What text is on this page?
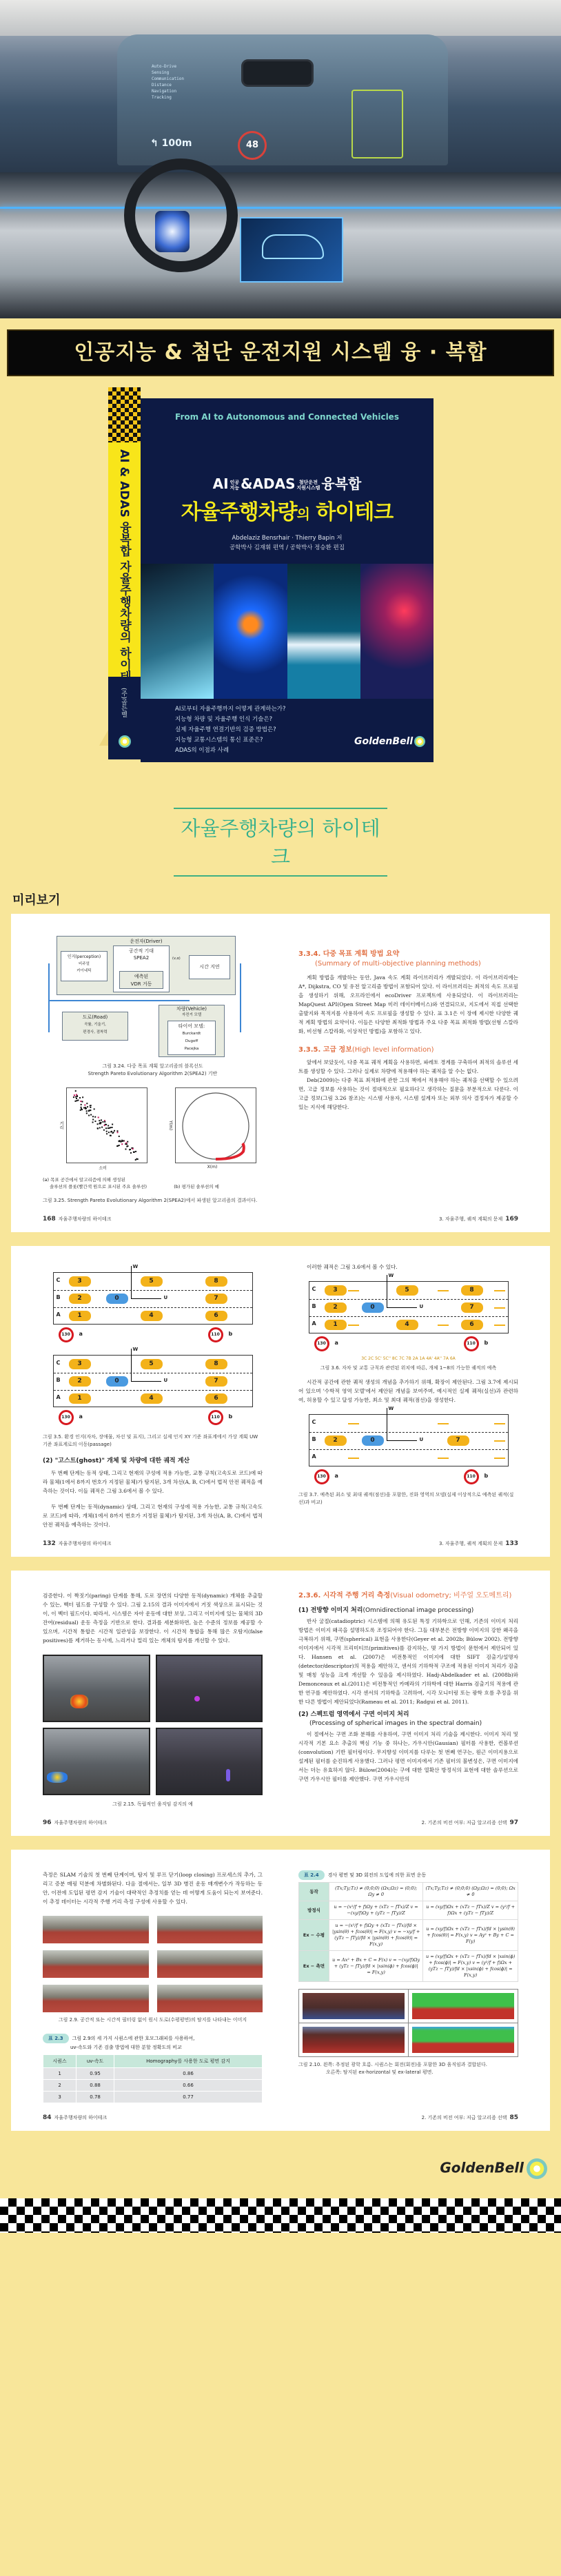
Auto-Drive
Sensing
Communication
Distance
Navigation
Tracking
↰ 100m	48
인공지능 & 첨단 운전지원 시스템 융 · 복합
AI & ADAS 융복합 자율주행차량의 하이테크
(주)골든벨
From AI to Autonomous and Connected Vehicles
AI 인공
지능 &ADAS 첨단운전
지원시스템 융복합
자율주행차량의 하이테크
Abdelaziz Bensrhair · Thierry Bapin 저
공학박사 김재휘 편역 / 공학박사 정승환 편집
AI로부터 자율주행까지 어떻게 관계하는가?
지능형 차량 및 자율주행 인식 기술은?
실제 자율주행 연결기반의 검증 방법은?
지능형 교통시스템의 통신 표준은?
ADAS의 이점과 사례
GoldenBell
자율주행차량의 하이테크
미리보기
운전자(Driver)
인지(perception)
비주얼
카이네틱
공간적 기대
SPEA2
예측된
VDR 거동
(v,α)
시간 지연
도로(Road)
곡률, 기울기,
편경사, 점착력
차량(Vehicle)
자전거 모델
타이어 모델:
Burckardt
Dugoff
Pacejka
그림 3.24. 다중 목표 계획 알고리즘의 블록선도
Strength Pareto Evolutionary Algorithm 2(SPEA2) 기반
거리
소비
Y(m)
X(m)
(a) 목표 공간에서 알고리즘에 의해 생성된
솔루션의 플롯(빨간색 원으로 표시된 주요 솔루션)	(b) 평가된 솔루션의 예
그림 3.25. Strength Pareto Evolutionary Algorithm 2(SPEA2)에서 파생된 알고리즘의 결과이다.
168 자율주행차량의 하이테크
3.3.4. 다중 목표 계획 방법 요약
(Summary of multi-objective planning methods)

계획 방법을 개발하는 동안, Java 속도 계획 라이브러리가 개발되었다. 이 라이브러리에는 A*, Dijkstra, CO 및 유전 알고리즘 방법이 포함되어 있다. 이 라이브러리는 최적의 속도 프로필을 생성하기 위해, 오프라인에서 ecoDriver 프로젝트에 사용되었다. 이 라이브러리는 MapQuest API(Open Street Map 미러 데이터베이스)와 연결되므로, 지도에서 직접 선택한 출발지와 목적지를 사용하여 속도 프로필을 생성할 수 있다. 표 3.1은 이 장에 제시한 다양한 궤적 계획 방법의 요약이다. 이들은 다양한 최적화 방법과 주요 다중 목표 최적화 방법(선형 스칼라화, 비선형 스칼라화, 이상적인 방법)을 포함하고 있다.

3.3.5. 고급 정보(High level information)

앞에서 보았듯이, 다중 목표 궤적 계획을 사용하면, 파레토 경계를 구축하여 최적의 솔루션 세트를 생성할 수 있다. 그러나 실제로 차량에 적용해야 하는 궤적을 알 수는 없다.

Deb(2009)는 다중 목표 최적화에 관한 그의 책에서 적용해야 하는 궤적을 선택할 수 있으려면, 고급 정보를 사용하는 것이 절대적으로 필요하다고 생각하는 질문을 부분적으로 다룬다. 이 고급 정보(그림 3.26 참조)는 시스템 사용자, 시스템 설계자 또는 외부 의사 결정자가 제공할 수 있는 지식에 해당한다.

3. 자율주행, 궤적 계획의 문제 169
C
B
A
3	5	8
2	0	7
1	4	6
W
U
130	a	110	b
C
B
A
3	5	8
2	0	7
1	4	6
W
U
130	a	110	b
그림 3.5. 환경 인지(자차, 장애물, 차선 및 표지), 그리고 실제 인지 XY 기준 좌표계에서 가상 계획 UW 기준 좌표계로의 이동(passage)
(2) "고스트(ghost)" 개체 및 차량에 대한 궤적 계산

두 번째 단계는 동적 상태, 그리고 현재의 구성에 적용 가능한, 교통 규칙(고속도로 코드)에 따라 물체(1에서 8까지 번호가 지정된 물체)가 탐지된, 3개 차선(A, B, C)에서 법적 안전 궤적을 예측하는 것이다. 이들 궤적은 그림 3.6에서 볼 수 있다.

두 번째 단계는 동적(dynamic) 상태, 그리고 현재의 구성에 적용 가능한, 교통 규칙(고속도로 코드)에 따라, 개체(1에서 8까지 번호가 지정된 물체)가 탐지된, 3개 차선(A, B, C)에서 법적 안전 궤적을 예측하는 것이다.

132 자율주행차량의 하이테크

이러한 궤적은 그림 3.6에서 볼 수 있다.

C
B
A
3	5	8
2	0	7
1	4	6
W
U
130	a	110	b
3C 2C 5C' 5C'' 8C 7C 7B 2A 1A 4A' 4A'' 7A 6A
그림 3.6. 자차 및 교통 규칙과 관련된 위치에 따른, 개체 1~8의 가능한 궤적의 예측

시간적 공간에 관한 궤적 생성의 개념을 추가하기 위해, 확장이 제안된다. 그림 3.7에 제시되어 있으며 '수학적 영역 모델'에서 제안된 개념을 보여주며, 예시적인 실제 궤적(실선)과 관련하여, 허용할 수 있고 달성 가능한, 최소 및 최대 궤적(점선)을 생성한다.

C
B
A
2	0	7
W
U
130	a	110	b
그림 3.7. 예측된 최소 및 최대 궤적(점선)을 포함한, 진화 영역의 모델(실제 이상적으로 예측된 궤적(실선)과 비교)
3. 자율주행, 궤적 계획의 문제 133

검증한다. 이 짝짓기(paring) 단계를 통해, 도로 장면의 다양한 동적(dynamic) 개체를 추출할 수 있는, 벡터 필드를 구성할 수 있다. 그림 2.15의 결과 이미지에서 거짓 색상으로 표시되는 것이, 이 벡터 필드이다. 따라서, 시스템은 자아 운동에 대한 보상, 그리고 이미지에 있는 물체의 3D 잔여(residual) 운동 측정을 기반으로 한다. 결과를 세분화하면, 높은 수준의 정보를 제공할 수 있으며, 시간적 통합은 시간적 일관성을 보장한다. 이 시간적 통합을 통해 많은 오탐지(false positives)를 제거하는 동시에, 느리거나 멀리 있는 개체의 탐지를 개선할 수 있다.

그림 2.15. 독립적인 움직임 감지의 예
96 자율주행차량의 하이테크
2.3.6. 시각적 주행 거리 측정(Visual odometry; 비주얼 오도메트리)
(1) 전방향 이미지 처리(Omnidirectional image processing)

반사 굴절(catadioptric) 시스템에 의해 유도된 특정 기하학으로 인해, 기존의 이미지 처리 방법은 이미지 왜곡을 설명하도록 조정되어야 한다. 그들 대부분은 전방향 이미지의 강한 왜곡을 극복하기 위해, 구면(spherical) 표현을 사용한다(Geyer et al. 2002b; Bülow 2002). 전방향 이미지에서 시각적 프리미티브(primitives)를 감지하는, 몇 가지 방법이 문헌에서 제안되어 있다. Hansen et al. (2007)은 비전통적인 이미지에 대한 SIFT 검출기/설명자(detector/descriptor)의 적용을 제안하고, 센서의 기하학적 구조에 적용된 이미지 처리가 검출 및 매칭 성능을 크게 개선할 수 있음을 제시하였다. Hadj-Abdelkader et al. (2008b)와 Demonceaux et al.(2011)은 비전통적인 카메라의 기하학에 대한 Harris 검출기의 적용에 관한 연구를 제안하였다. 시각 센서의 기하학을 고려하여, 시각 모니터링 또는 광학 흐름 추정을 위한 다른 방법이 제안되었다(Rameau et al. 2011; Radgui et al. 2011).

(2) 스펙트럼 영역에서 구면 이미지 처리
(Processing of spherical images in the spectral domain)

이 절에서는 구면 조화 분해를 사용하여, 구면 이미지 처리 기술을 제시한다. 이미지 처리 및 시각적 기본 요소 추출의 핵심 기능 중 하나는, 가우시안(Gausian) 필터를 사용한, 컨볼루션(convolution) 기반 필터링이다. 무지향성 이미지를 다루는 첫 번째 연구는, 원근 이미지용으로 설계된 필터를 순진하게 사용했다. 그러나 평면 이미지에서 기존 필터의 불변성은, 구면 이미지에서는 더는 유효하지 않다. Bülow(2004)는 구에 대한 열확산 방정식의 표현에 대한 솔루션으로 구면 가우시안 필터를 제안했다. 구면 가우시안의

2. 기존의 비전 여부: 저급 알고리즘 선택 97

측정은 SLAM 기술의 첫 번째 단계이며, 탐지 및 루프 닫기(loop closing) 프로세스의 추가, 그리고 증분 매핑 덕분에 차별화된다. 다음 절에서는, 일부 3D 병진 운동 매개변수가 작동하는 동안, 이전에 도입된 평면 감지 기술이 대략적인 추정치를 얻는 데 어떻게 도움이 되는지 보여준다. 이 추정 데이터는 시각적 주행 거리 측정 구성에 사용할 수 있다.

그림 2.9. 공간적 또는 시간적 필터링 없이 원시 도로(수평평면)의 탐지를 나타내는 이미지
표 2.3 그림 2.9의 세 가지 시퀀스에 관한 호모그래피를 사용하여,
uv-속도와 기존 검출 방법에 대한 분할 정확도의 비교
시퀀스	uv-속도	Homography를 사용한 도로 평면 감지
1	0.95	0.86
2	0.88	0.66
3	0.78	0.77
84 자율주행차량의 하이테크
표 2.4 경사 평면 및 3D 회전의 도입에 의한 표면 운동
동작	(Tx;Ty;Tz) ≠ (0;0;0) (Ωx;Ωz) = (0;0); Ωy ≠ 0	(Tx;Ty;Tz) ≠ (0;0;0) (Ωy;Ωz) = (0;0); Ωx ≠ 0
방정식	u = −(x²/f + f)Ωy + (xTz − fTx)/Z v = −(xy/f)Ωy + (yTz − fTy)/Z	u = (xy/f)Ωx + (xTz − fTx)/Z v = (y²/f + f)Ωx + (yTz − fTy)/Z
Ex − 수평	u = −(x²/f + f)Ωy + (xTz − fTx)/fd × |ysin(θ) + fcos(θ)| = F(x,y) v = −xy/f + (yTz − fTy)/fd × |ysin(θ) + fcos(θ)| = F(x,y)	u = (xy/f)Ωx + (xTz − fTx)/fd × |ysin(θ) + fcos(θ)| = F(x,y) v = Ay² + By + C = F(y)
Ex − 측면	u = Ax² + Bx + C = F(x) v = −(xy/f)Ωy + (yTz − fTy)/fd × |xsin(ϕ) + fcos(ϕ)| = F(x,y)	u = (xy/f)Ωx + (xTz − fTx)/fd × |xsin(ϕ) + fcos(ϕ)| = F(x,y) v = (y²/f + f)Ωx + (yTz − fTy)/fd × |xsin(ϕ) + fcos(ϕ)| = F(x,y)
그림 2.10. 왼쪽: 추정된 광학 흐름. 시퀀스는 회전(회전)을 포함한 3D 움직임과 결합된다.
오른쪽: 탐지된 ex-horizontal 및 ex-lateral 평면.
2. 기존의 비전 여부: 저급 알고리즘 선택 85
GoldenBell
